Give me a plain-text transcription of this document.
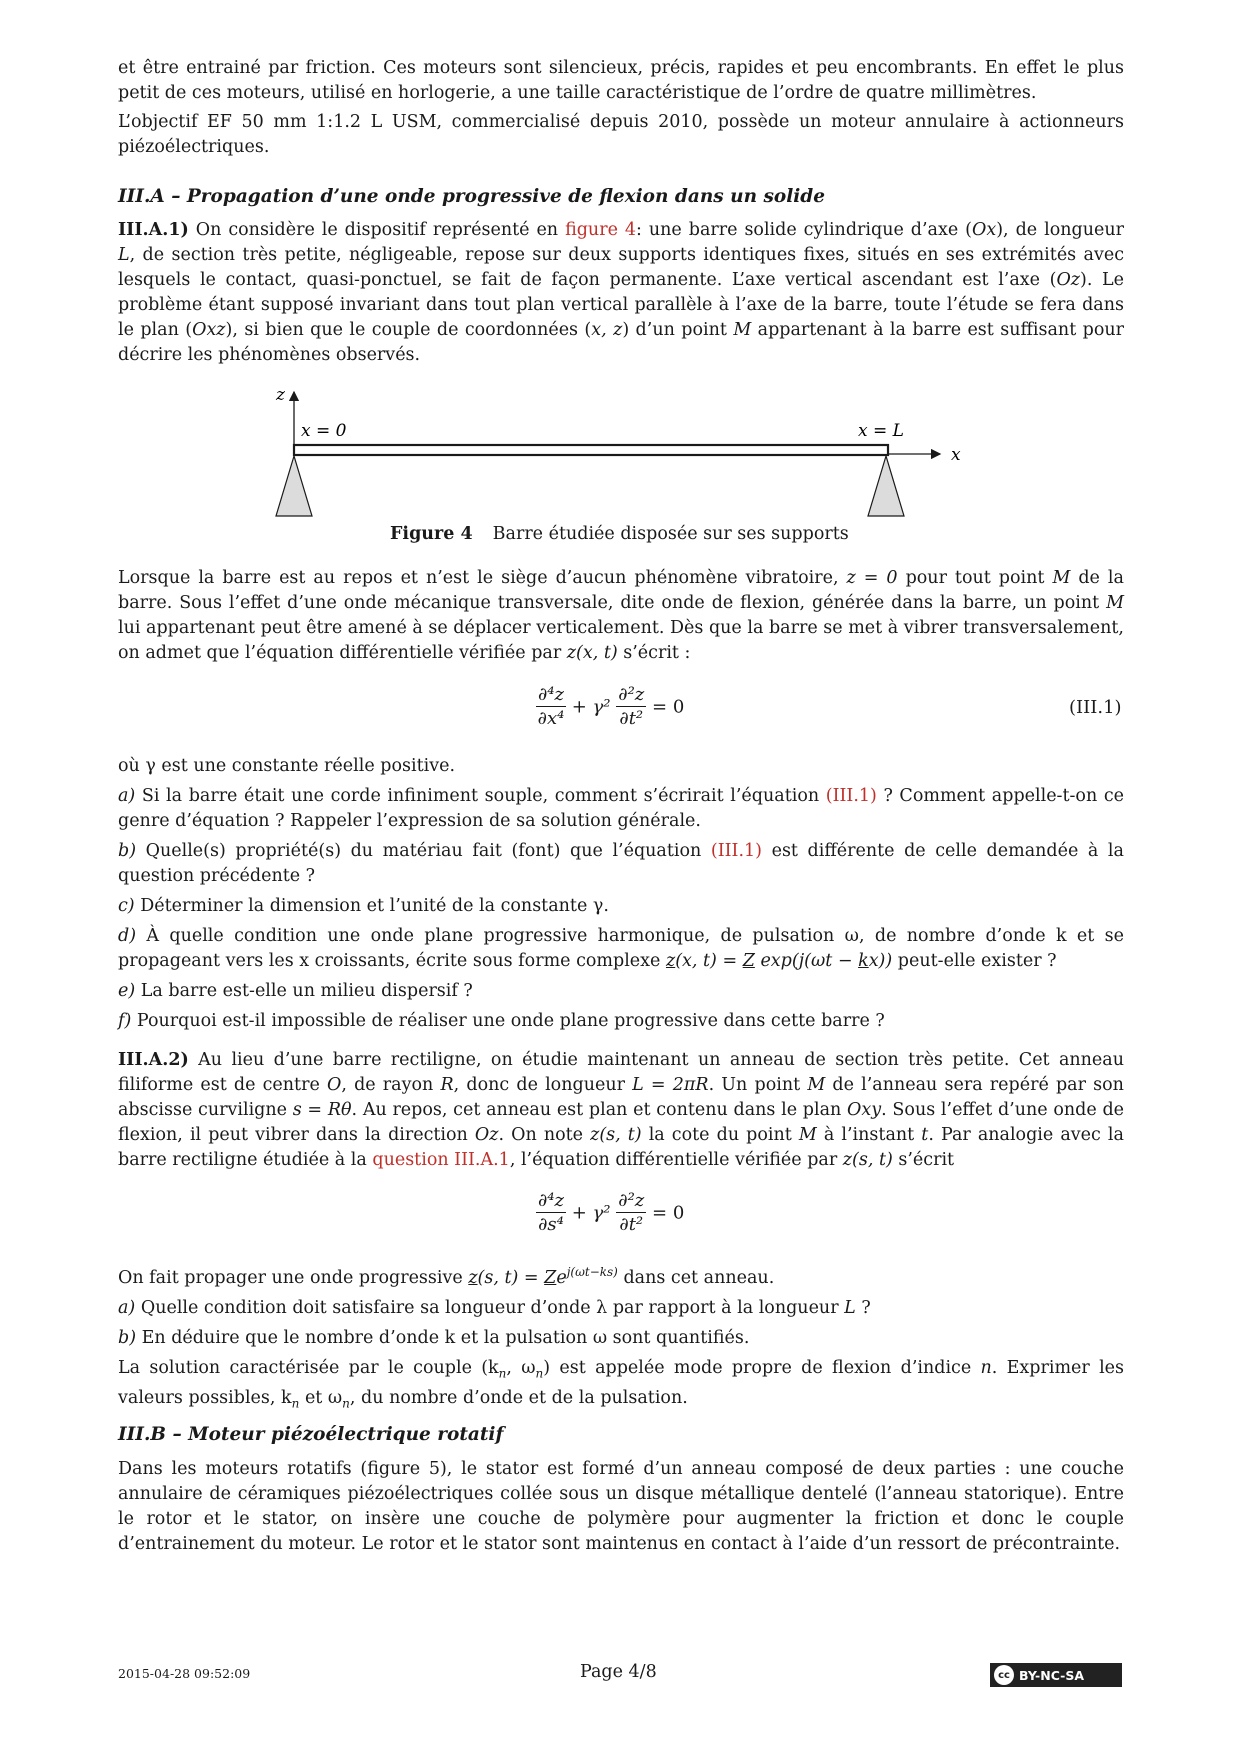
et être entrainé par friction. Ces moteurs sont silencieux, précis, rapides et peu encombrants. En effet le plus petit de ces moteurs, utilisé en horlogerie, a une taille caractéristique de l’ordre de quatre millimètres.

L’objectif EF 50 mm 1:1.2 L USM, commercialisé depuis 2010, possède un moteur annulaire à actionneurs piézoélectriques.

III.A – Propagation d’une onde progressive de flexion dans un solide

III.A.1) On considère le dispositif représenté en figure 4: une barre solide cylindrique d’axe (Ox), de longueur L, de section très petite, négligeable, repose sur deux supports identiques fixes, situés en ses extrémités avec lesquels le contact, quasi-ponctuel, se fait de façon permanente. L’axe vertical ascendant est l’axe (Oz). Le problème étant supposé invariant dans tout plan vertical parallèle à l’axe de la barre, toute l’étude se fera dans le plan (Oxz), si bien que le couple de coordonnées (x, z) d’un point M appartenant à la barre est suffisant pour décrire les phénomènes observés.

z
x
x = 0	x = L
Figure 4 Barre étudiée disposée sur ses supports

Lorsque la barre est au repos et n’est le siège d’aucun phénomène vibratoire, z = 0 pour tout point M de la barre. Sous l’effet d’une onde mécanique transversale, dite onde de flexion, générée dans la barre, un point M lui appartenant peut être amené à se déplacer verticalement. Dès que la barre se met à vibrer transversalement, on admet que l’équation différentielle vérifiée par z(x, t) s’écrit :

$\frac{\text{∂⁴z}}{\text{∂x⁴}} + \gamma^2 \frac{\text{∂²z}}{\text{∂t²}} = 0$	(III.1)

où γ est une constante réelle positive.

a) Si la barre était une corde infiniment souple, comment s’écrirait l’équation (III.1) ? Comment appelle-t-on ce genre d’équation ? Rappeler l’expression de sa solution générale.

b) Quelle(s) propriété(s) du matériau fait (font) que l’équation (III.1) est différente de celle demandée à la question précédente ?

c) Déterminer la dimension et l’unité de la constante γ.

d) À quelle condition une onde plane progressive harmonique, de pulsation ω, de nombre d’onde k et se propageant vers les x croissants, écrite sous forme complexe z(x, t) = Z exp(j(ωt − kx)) peut-elle exister ?

e) La barre est-elle un milieu dispersif ?

f) Pourquoi est-il impossible de réaliser une onde plane progressive dans cette barre ?

III.A.2) Au lieu d’une barre rectiligne, on étudie maintenant un anneau de section très petite. Cet anneau filiforme est de centre O, de rayon R, donc de longueur L = 2πR. Un point M de l’anneau sera repéré par son abscisse curviligne s = Rθ. Au repos, cet anneau est plan et contenu dans le plan Oxy. Sous l’effet d’une onde de flexion, il peut vibrer dans la direction Oz. On note z(s, t) la cote du point M à l’instant t. Par analogie avec la barre rectiligne étudiée à la question III.A.1, l’équation différentielle vérifiée par z(s, t) s’écrit

$\frac{\text{∂⁴z}}{\text{∂s⁴}} + \gamma^2 \frac{\text{∂²z}}{\text{∂t²}} = 0$

On fait propager une onde progressive z(s, $t) = Ze^{j(\omega t-ks)}$ dans cet anneau.

a) Quelle condition doit satisfaire sa longueur d’onde λ par rapport à la longueur L ?

b) En déduire que le nombre d’onde k et la pulsation ω sont quantifiés.

La solution caractérisée par le couple ($k_n$, $\omega_n$) est appelée mode propre de flexion d’indice n. Exprimer les valeurs possibles, $k_n$ et $\omega_n$, du nombre d’onde et de la pulsation.

III.B – Moteur piézoélectrique rotatif

Dans les moteurs rotatifs (figure 5), le stator est formé d’un anneau composé de deux parties : une couche annulaire de céramiques piézoélectriques collée sous un disque métallique dentelé (l’anneau statorique). Entre le rotor et le stator, on insère une couche de polymère pour augmenter la friction et donc le couple d’entrainement du moteur. Le rotor et le stator sont maintenus en contact à l’aide d’un ressort de précontrainte.

2015-04-28 09:52:09	Page 4/8	cc BY-NC-SA
